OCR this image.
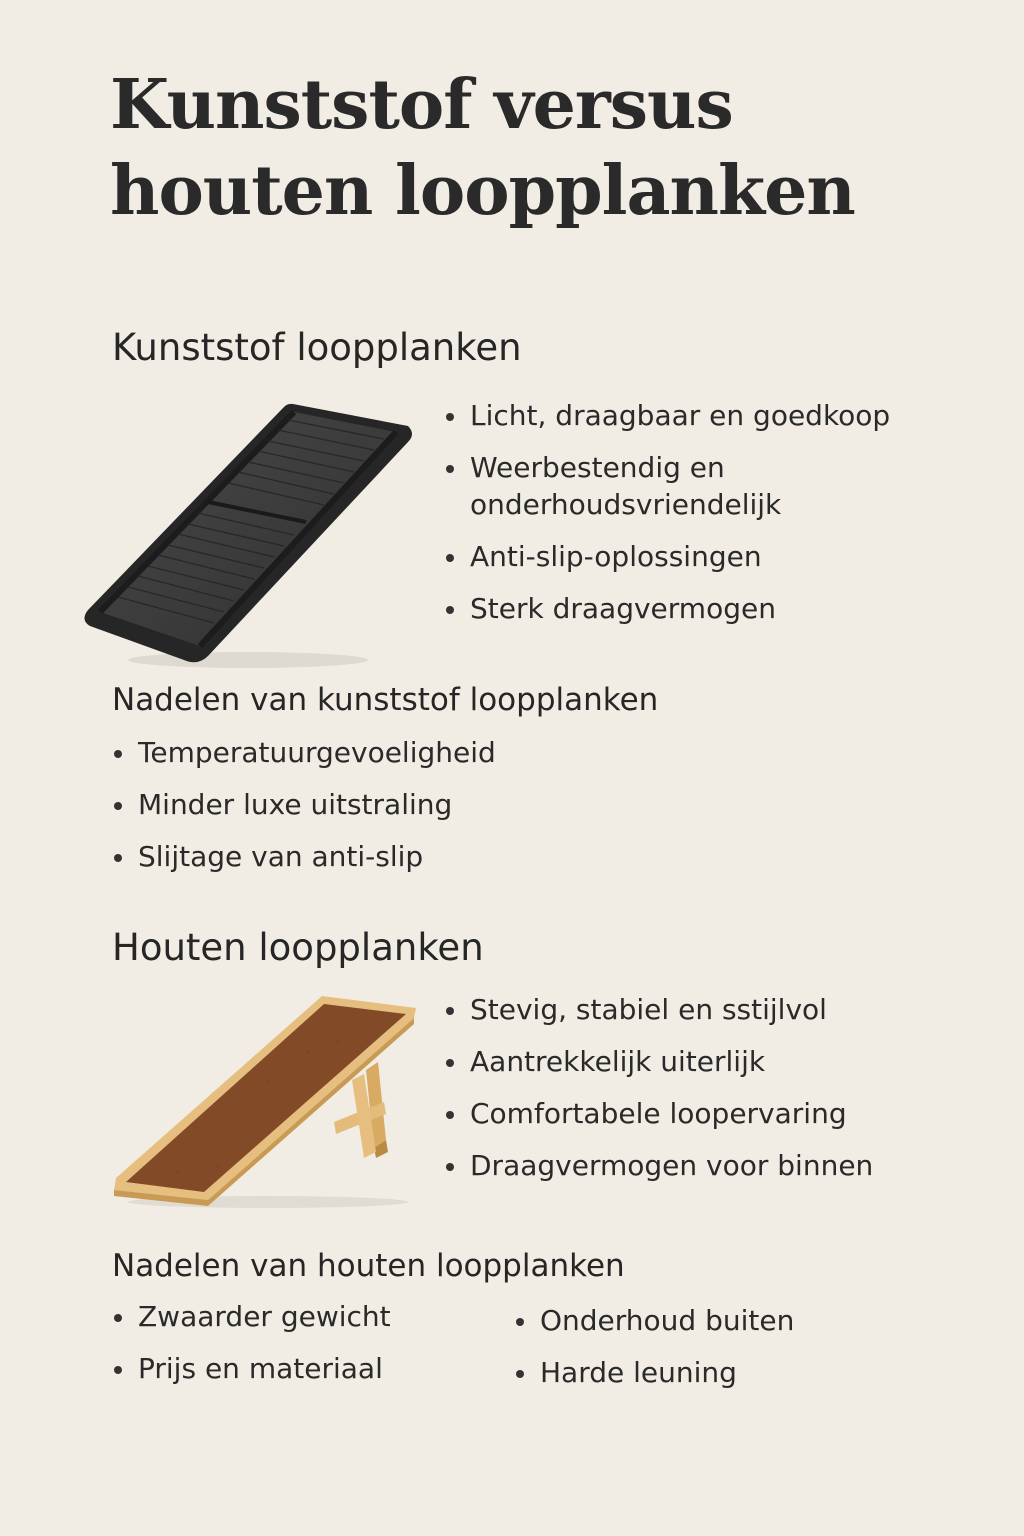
Kunststof versus
houten loopplanken
Kunststof loopplanken
Licht, draagbaar en goedkoop
Weerbestendig en onderhoudsvriendelijk
Anti-slip-oplossingen
Sterk draagvermogen
Nadelen van kunststof loopplanken
Temperatuurgevoeligheid
Minder luxe uitstraling
Slijtage van anti-slip
Houten loopplanken
Stevig, stabiel en sstijlvol
Aantrekkelijk uiterlijk
Comfortabele loopervaring
Draagvermogen voor binnen
Nadelen van houten loopplanken
Zwaarder gewicht
Prijs en materiaal
Onderhoud buiten
Harde leuning
